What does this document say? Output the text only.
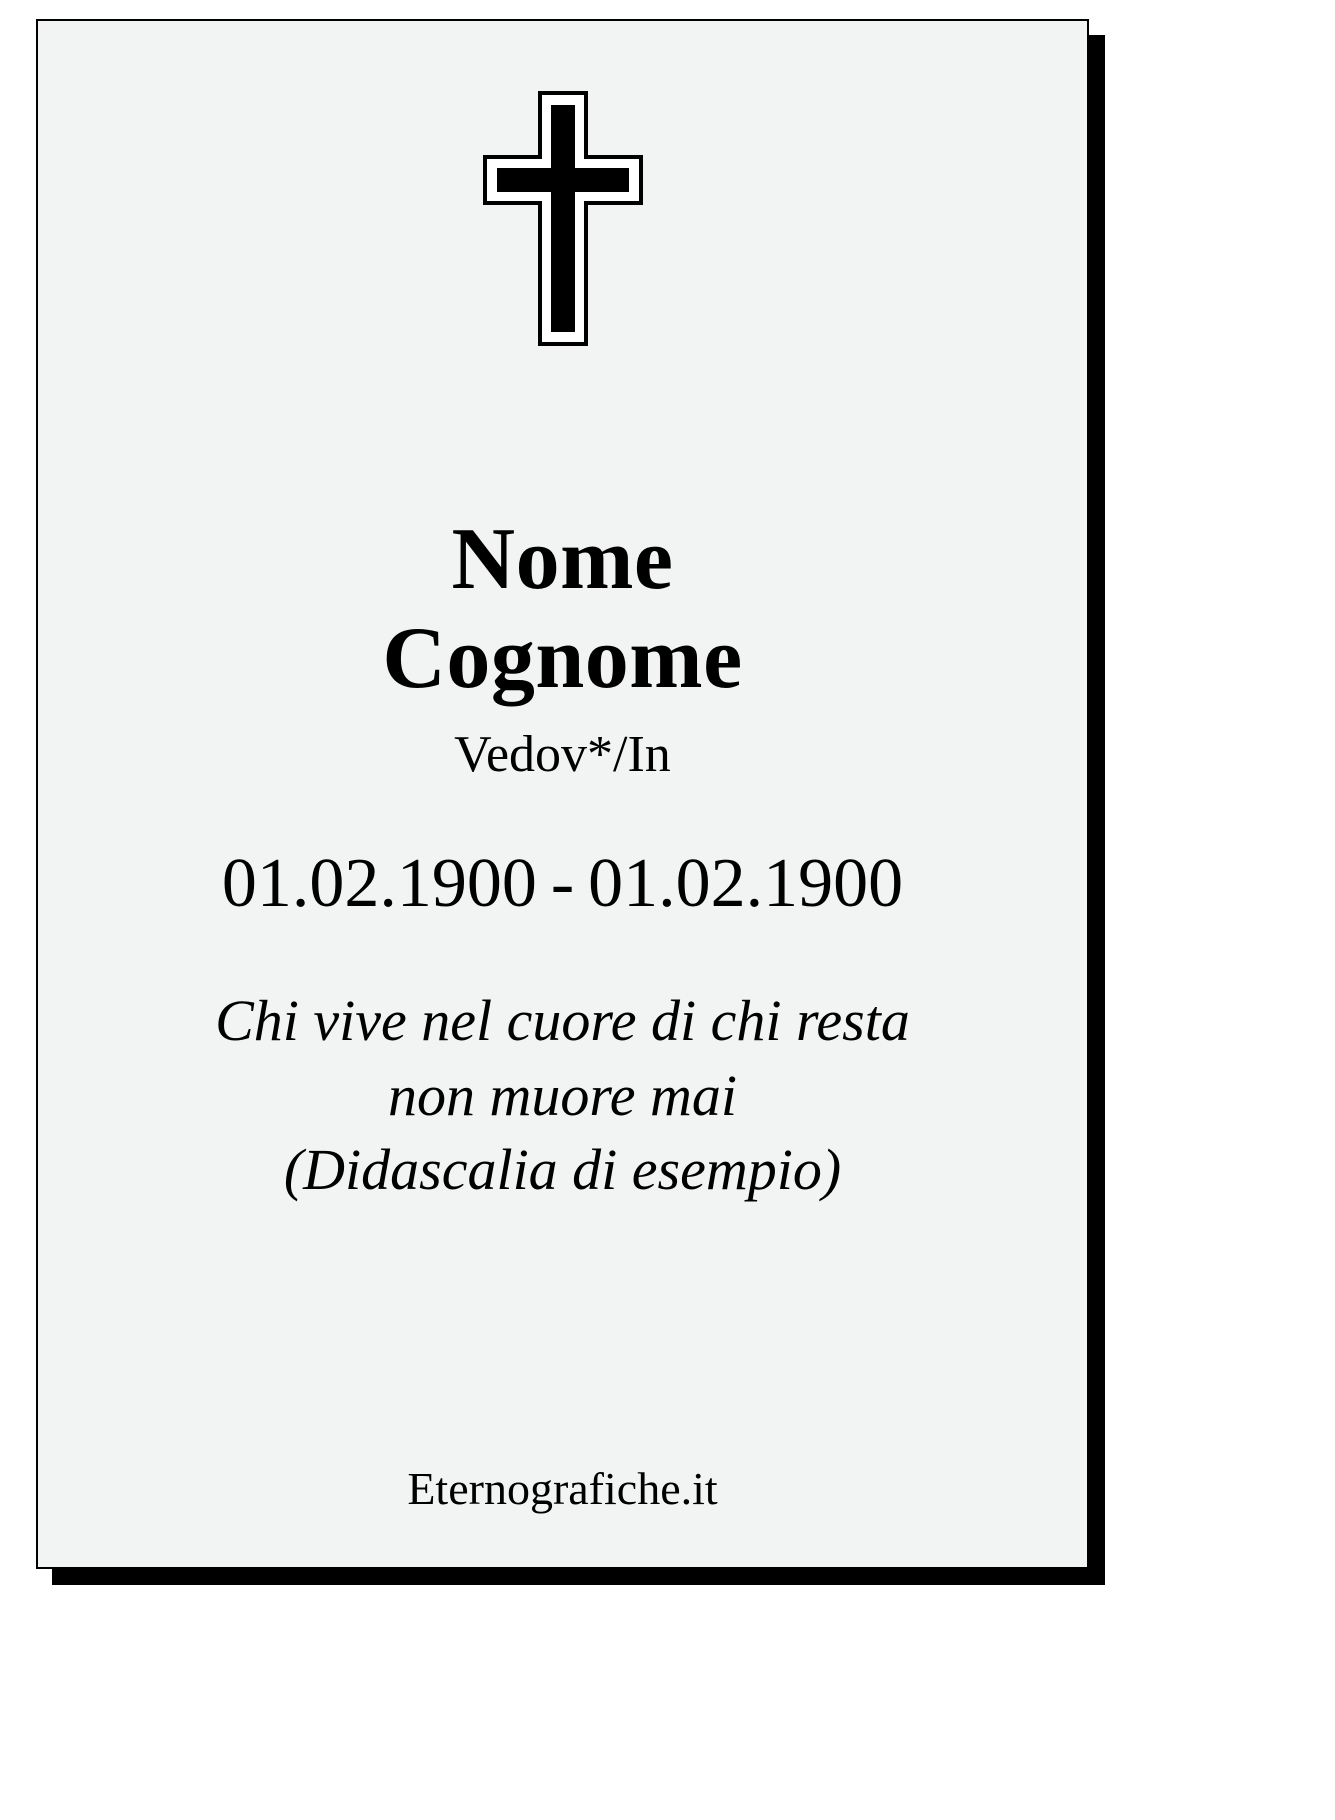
Nome
Cognome
Vedov*/In
01.02.1900 - 01.02.1900
Chi vive nel cuore di chi resta
non muore mai
(Didascalia di esempio)
Eternografiche.it
